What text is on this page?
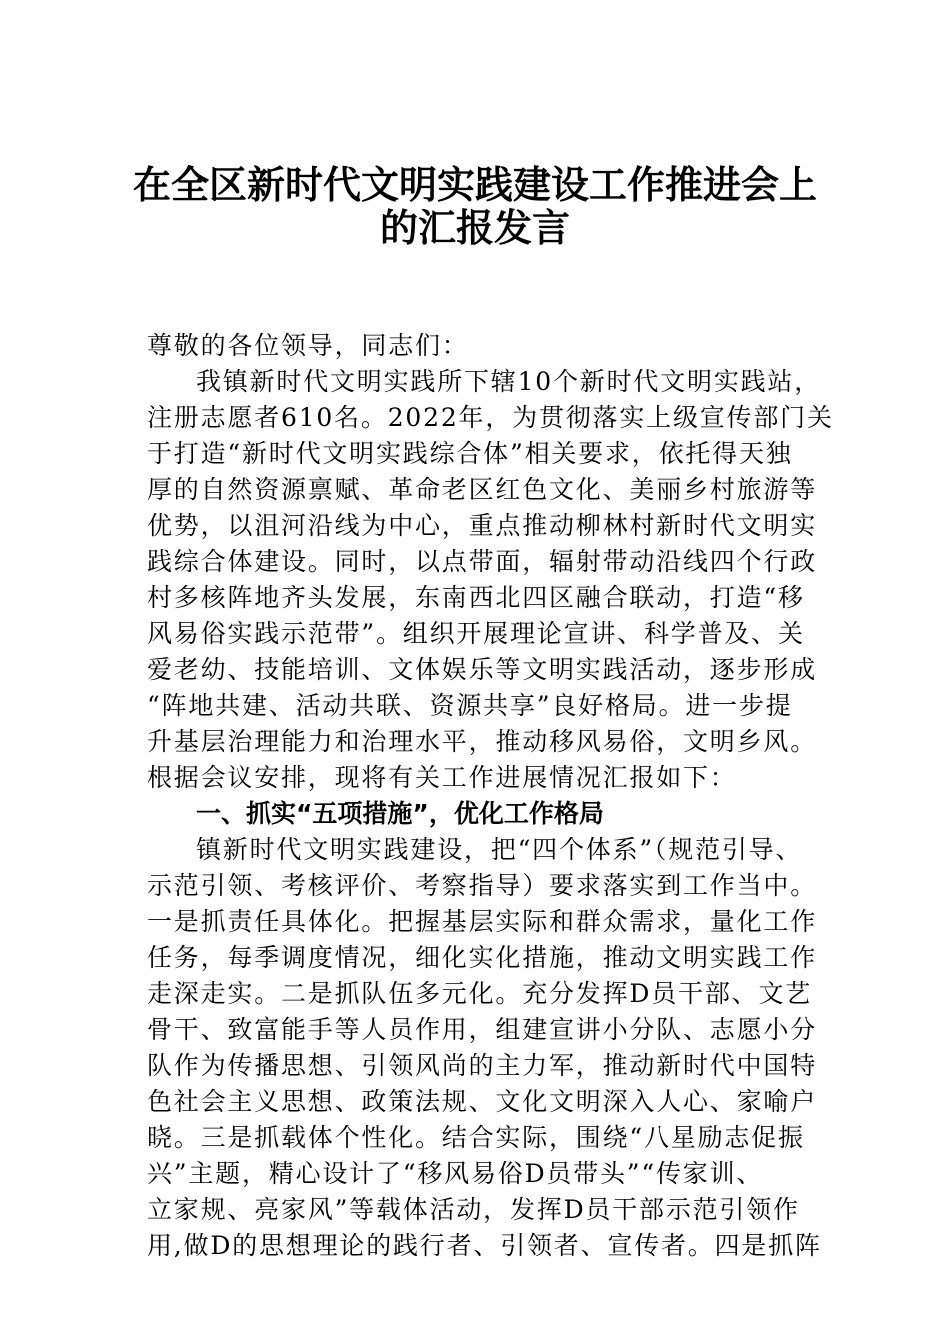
在全区新时代文明实践建设工作推进会上
的汇报发言
尊敬的各位领导，同志们：
我镇新时代文明实践所下辖10个新时代文明实践站，
注册志愿者610名。2022年，为贯彻落实上级宣传部门关
于打造“新时代文明实践综合体”相关要求，依托得天独
厚的自然资源禀赋、革命老区红色文化、美丽乡村旅游等
优势，以沮河沿线为中心，重点推动柳林村新时代文明实
践综合体建设。同时，以点带面，辐射带动沿线四个行政
村多核阵地齐头发展，东南西北四区融合联动，打造“移
风易俗实践示范带”。组织开展理论宣讲、科学普及、关
爱老幼、技能培训、文体娱乐等文明实践活动，逐步形成
“阵地共建、活动共联、资源共享”良好格局。进一步提
升基层治理能力和治理水平，推动移风易俗，文明乡风。
根据会议安排，现将有关工作进展情况汇报如下：
一、抓实“五项措施”，优化工作格局
镇新时代文明实践建设，把“四个体系”（规范引导、
示范引领、考核评价、考察指导）要求落实到工作当中。
一是抓责任具体化。把握基层实际和群众需求，量化工作
任务，每季调度情况，细化实化措施，推动文明实践工作
走深走实。二是抓队伍多元化。充分发挥D员干部、文艺
骨干、致富能手等人员作用，组建宣讲小分队、志愿小分
队作为传播思想、引领风尚的主力军，推动新时代中国特
色社会主义思想、政策法规、文化文明深入人心、家喻户
晓。三是抓载体个性化。结合实际，围绕“八星励志促振
兴”主题，精心设计了“移风易俗D员带头”“传家训、
立家规、亮家风”等载体活动，发挥D员干部示范引领作
用,做D的思想理论的践行者、引领者、宣传者。四是抓阵
